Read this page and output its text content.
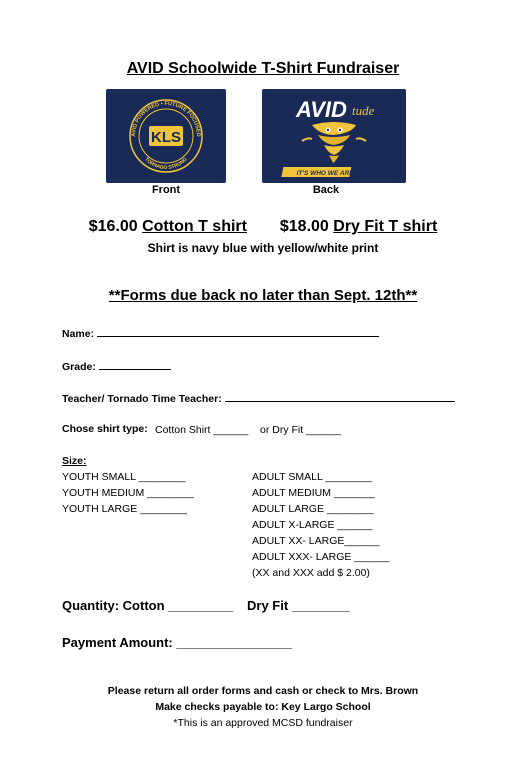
AVID Schoolwide T-Shirt Fundraiser
AVID POWERED • FUTURE FOCUSED
TORNADO STRONG
KLS
Front
AVID tude
IT'S WHO WE ARE.
Back
$16.00 Cotton T shirt $18.00 Dry Fit T shirt
Shirt is navy blue with yellow/white print
**Forms due back no later than Sept. 12th**
Name:
Grade:
Teacher/ Tornado Time Teacher:
Chose shirt type: Cotton Shirt ______ or Dry Fit ______
Size:
YOUTH SMALL ________
YOUTH MEDIUM ________
YOUTH LARGE ________
ADULT SMALL ________
ADULT MEDIUM _______
ADULT LARGE ________
ADULT X-LARGE ______
ADULT XX- LARGE______
ADULT XXX- LARGE ______
(XX and XXX add $ 2.00)
Quantity: Cotton _________ Dry Fit ________
Payment Amount: ________________
Please return all order forms and cash or check to Mrs. Brown
Make checks payable to: Key Largo School
*This is an approved MCSD fundraiser
